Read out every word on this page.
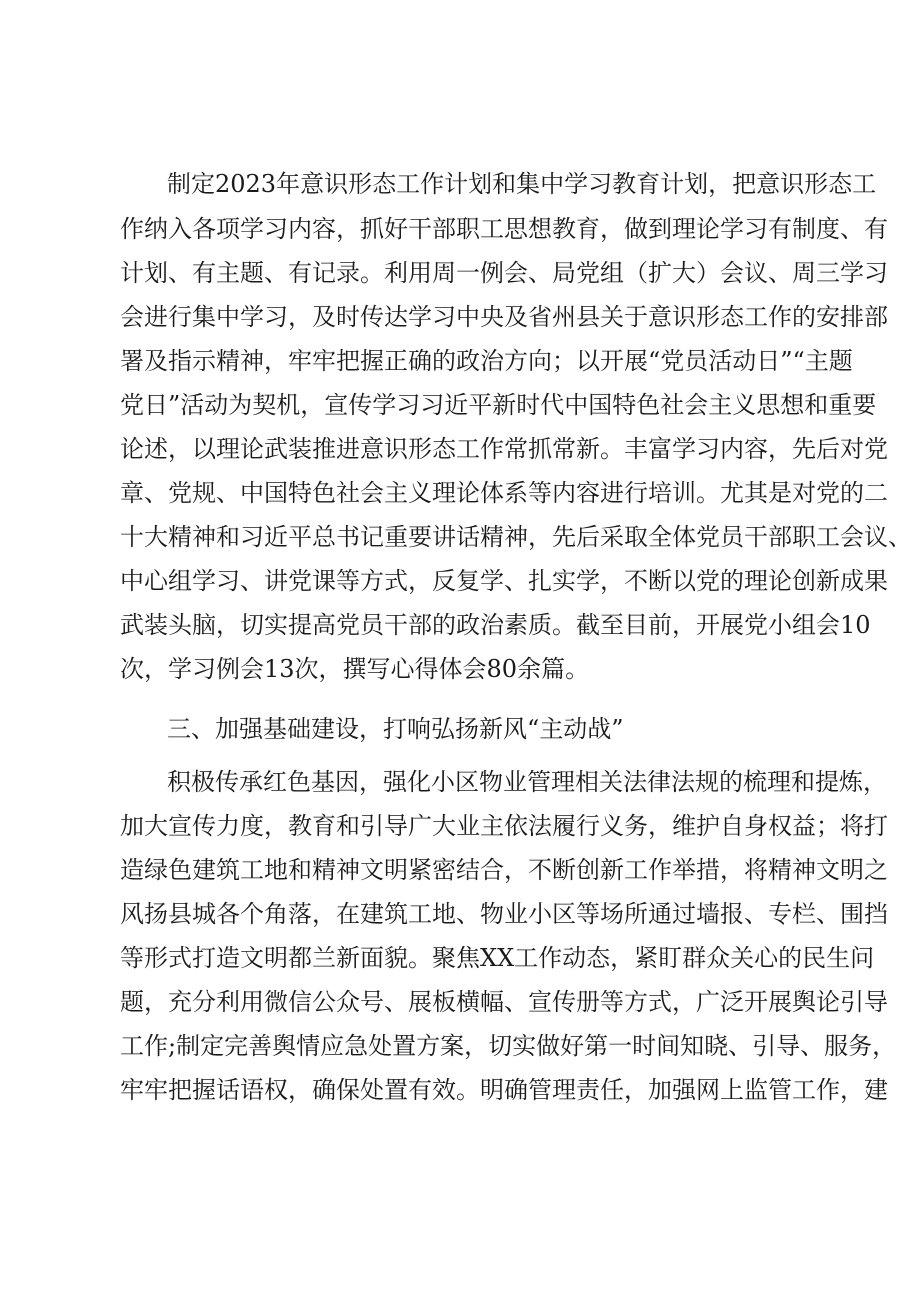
制定2023年意识形态工作计划和集中学习教育计划，把意识形态工
作纳入各项学习内容，抓好干部职工思想教育，做到理论学习有制度、有
计划、有主题、有记录。利用周一例会、局党组（扩大）会议、周三学习
会进行集中学习，及时传达学习中央及省州县关于意识形态工作的安排部
署及指示精神，牢牢把握正确的政治方向；以开展“党员活动日”“主题
党日”活动为契机，宣传学习习近平新时代中国特色社会主义思想和重要
论述，以理论武装推进意识形态工作常抓常新。丰富学习内容，先后对党
章、党规、中国特色社会主义理论体系等内容进行培训。尤其是对党的二
十大精神和习近平总书记重要讲话精神，先后采取全体党员干部职工会议、
中心组学习、讲党课等方式，反复学、扎实学，不断以党的理论创新成果
武装头脑，切实提高党员干部的政治素质。截至目前，开展党小组会10
次，学习例会13次，撰写心得体会80余篇。
三、加强基础建设，打响弘扬新风“主动战”
积极传承红色基因，强化小区物业管理相关法律法规的梳理和提炼，
加大宣传力度，教育和引导广大业主依法履行义务，维护自身权益；将打
造绿色建筑工地和精神文明紧密结合，不断创新工作举措，将精神文明之
风扬县城各个角落，在建筑工地、物业小区等场所通过墙报、专栏、围挡
等形式打造文明都兰新面貌。聚焦XX工作动态，紧盯群众关心的民生问
题，充分利用微信公众号、展板横幅、宣传册等方式，广泛开展舆论引导
工作;制定完善舆情应急处置方案，切实做好第一时间知晓、引导、服务，
牢牢把握话语权，确保处置有效。明确管理责任，加强网上监管工作，建
